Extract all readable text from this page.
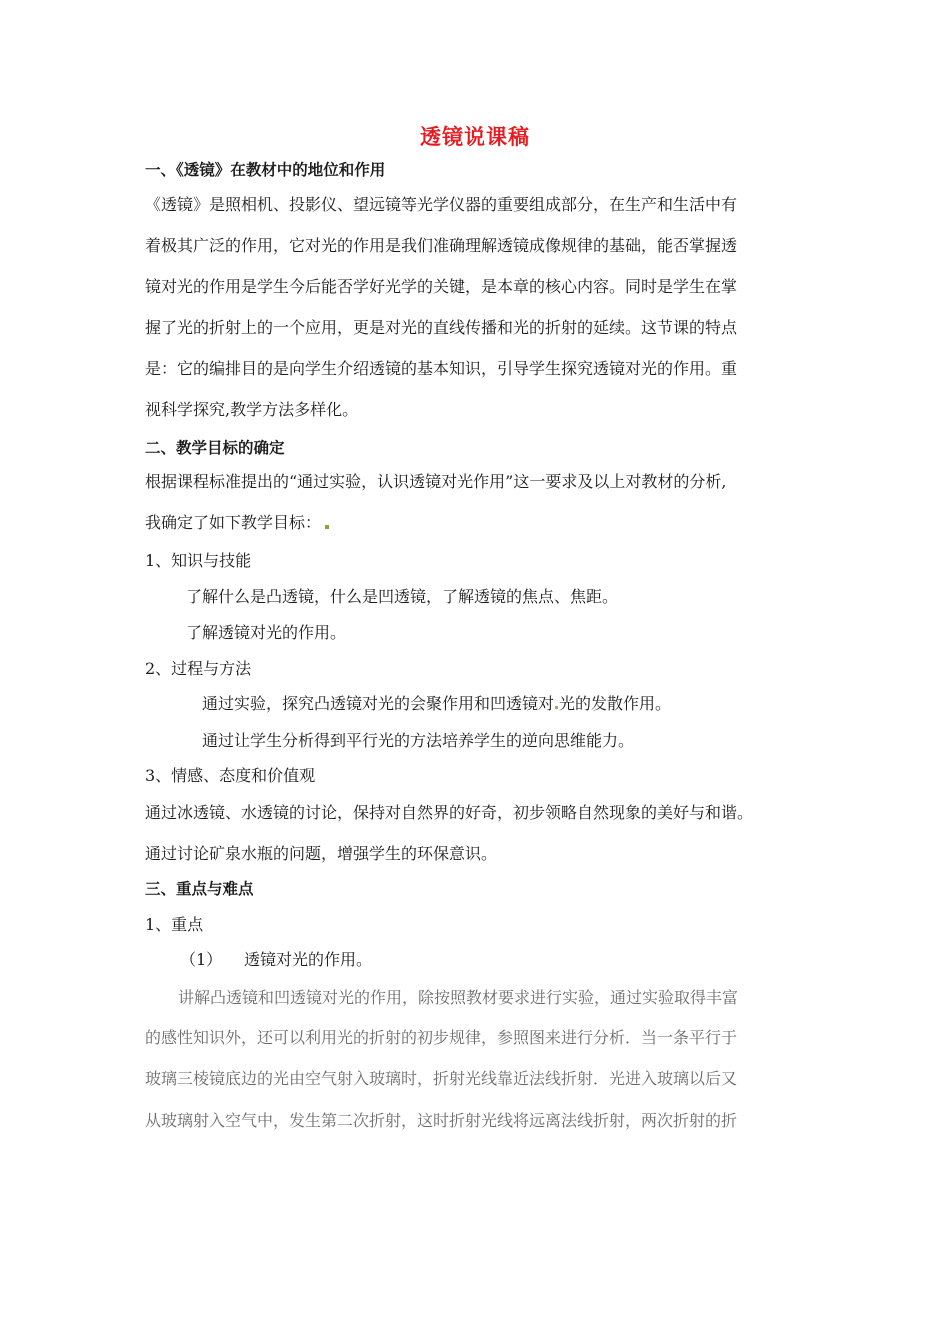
透镜说课稿
一、《透镜》在教材中的地位和作用
《透镜》是照相机、投影仪、望远镜等光学仪器的重要组成部分，在生产和生活中有
着极其广泛的作用，它对光的作用是我们准确理解透镜成像规律的基础，能否掌握透
镜对光的作用是学生今后能否学好光学的关键，是本章的核心内容。同时是学生在掌
握了光的折射上的一个应用，更是对光的直线传播和光的折射的延续。这节课的特点
是：它的编排目的是向学生介绍透镜的基本知识，引导学生探究透镜对光的作用。重
视科学探究,教学方法多样化。
二、教学目标的确定
根据课程标准提出的“通过实验，认识透镜对光作用”这一要求及以上对教材的分析,
我确定了如下教学目标：
1、知识与技能
了解什么是凸透镜，什么是凹透镜，了解透镜的焦点、焦距。
了解透镜对光的作用。
2、过程与方法
通过实验，探究凸透镜对光的会聚作用和凹透镜对 光的发散作用。
通过让学生分析得到平行光的方法培养学生的逆向思维能力。
3、情感、态度和价值观
通过冰透镜、水透镜的讨论，保持对自然界的好奇，初步领略自然现象的美好与和谐。
通过讨论矿泉水瓶的问题，增强学生的环保意识。
三、重点与难点
1、重点
（1） 透镜对光的作用。
讲解凸透镜和凹透镜对光的作用，除按照教材要求进行实验，通过实验取得丰富
的感性知识外，还可以利用光的折射的初步规律，参照图来进行分析．当一条平行于
玻璃三棱镜底边的光由空气射入玻璃时，折射光线靠近法线折射．光进入玻璃以后又
从玻璃射入空气中，发生第二次折射，这时折射光线将远离法线折射，两次折射的折
